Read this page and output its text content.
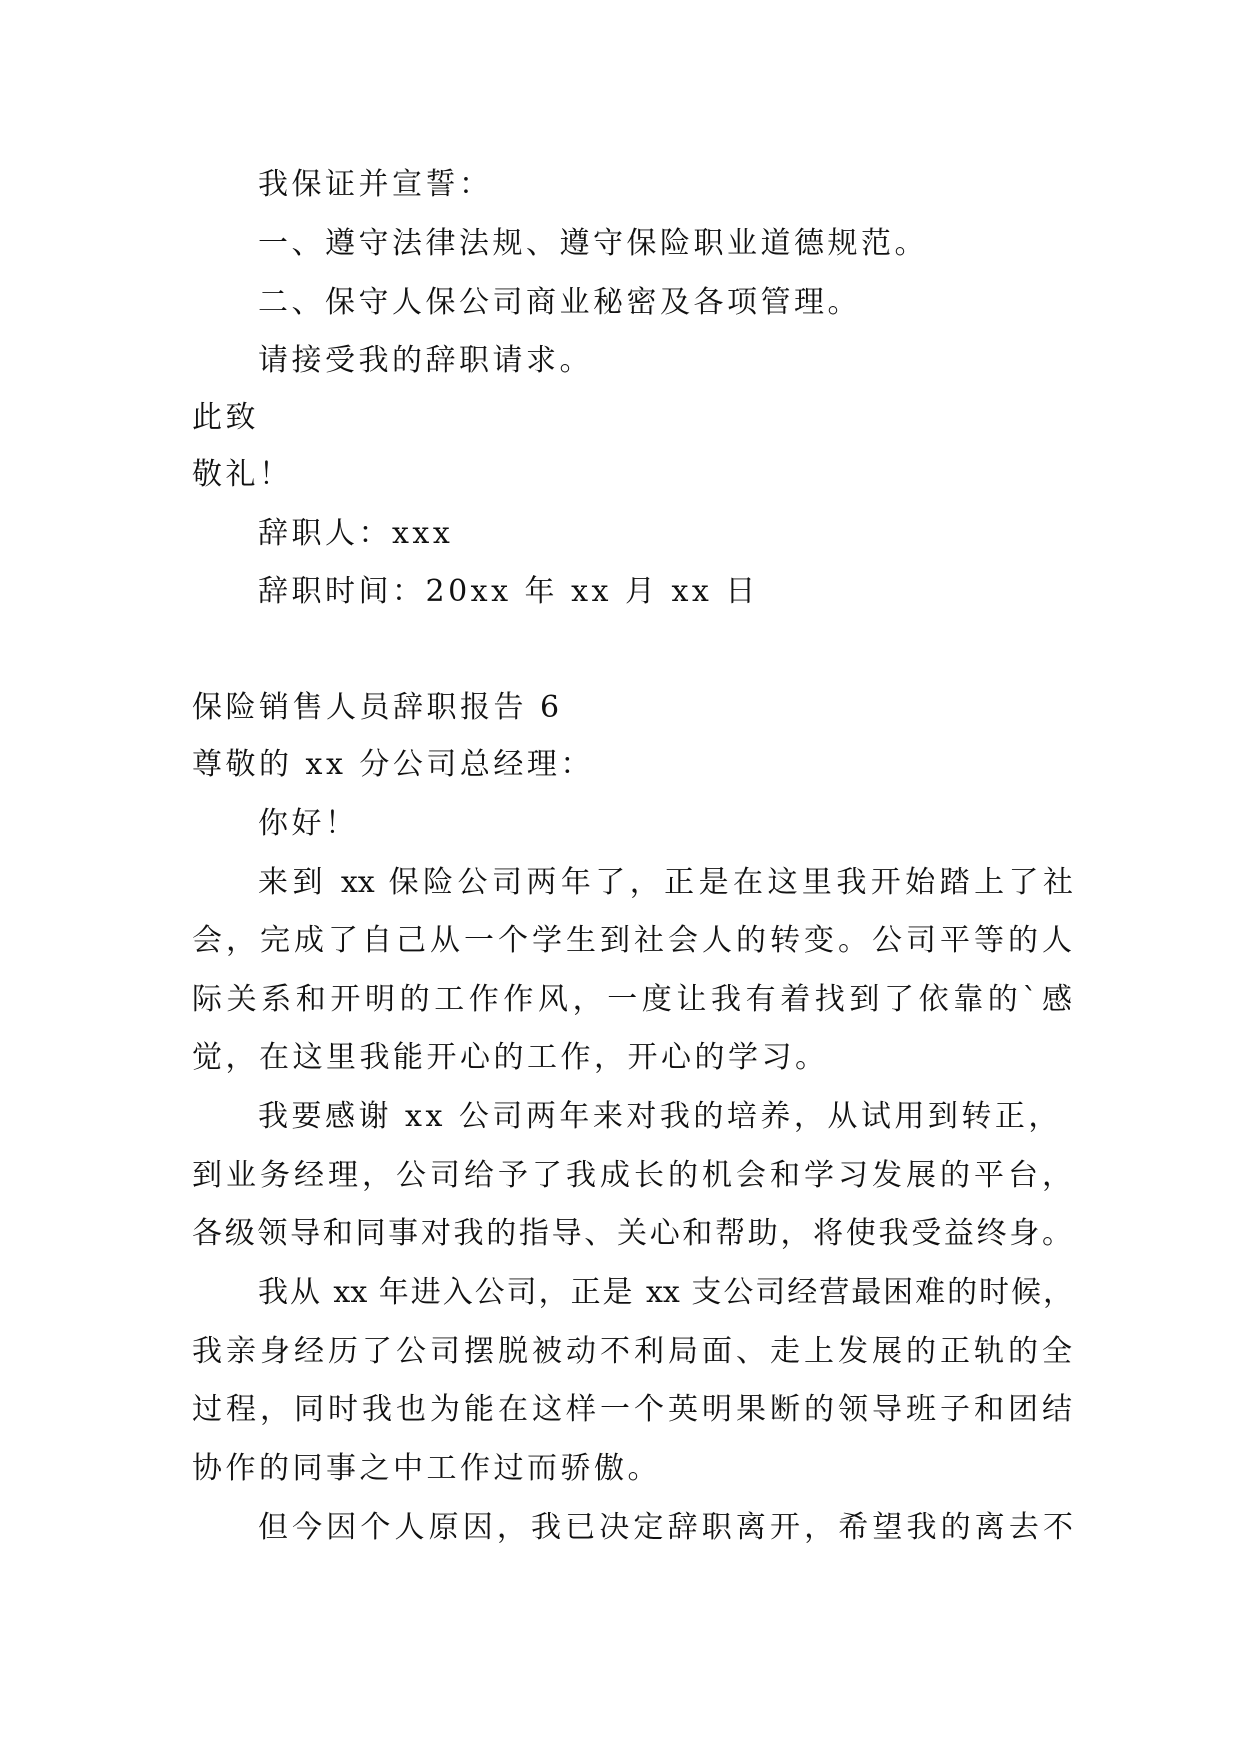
我保证并宣誓：
一、遵守法律法规、遵守保险职业道德规范。
二、保守人保公司商业秘密及各项管理。
请接受我的辞职请求。
此致
敬礼！
辞职人：xxx
辞职时间：20xx 年 xx 月 xx 日
保险销售人员辞职报告 6
尊敬的 xx 分公司总经理：
你好！
来到 xx 保险公司两年了，正是在这里我开始踏上了社
会，完成了自己从一个学生到社会人的转变。公司平等的人
际关系和开明的工作作风，一度让我有着找到了依靠的`感
觉，在这里我能开心的工作，开心的学习。
我要感谢 xx 公司两年来对我的培养，从试用到转正，
到业务经理，公司给予了我成长的机会和学习发展的平台，
各级领导和同事对我的指导、关心和帮助，将使我受益终身。
我从 xx 年进入公司，正是 xx 支公司经营最困难的时候，
我亲身经历了公司摆脱被动不利局面、走上发展的正轨的全
过程，同时我也为能在这样一个英明果断的领导班子和团结
协作的同事之中工作过而骄傲。
但今因个人原因，我已决定辞职离开，希望我的离去不
